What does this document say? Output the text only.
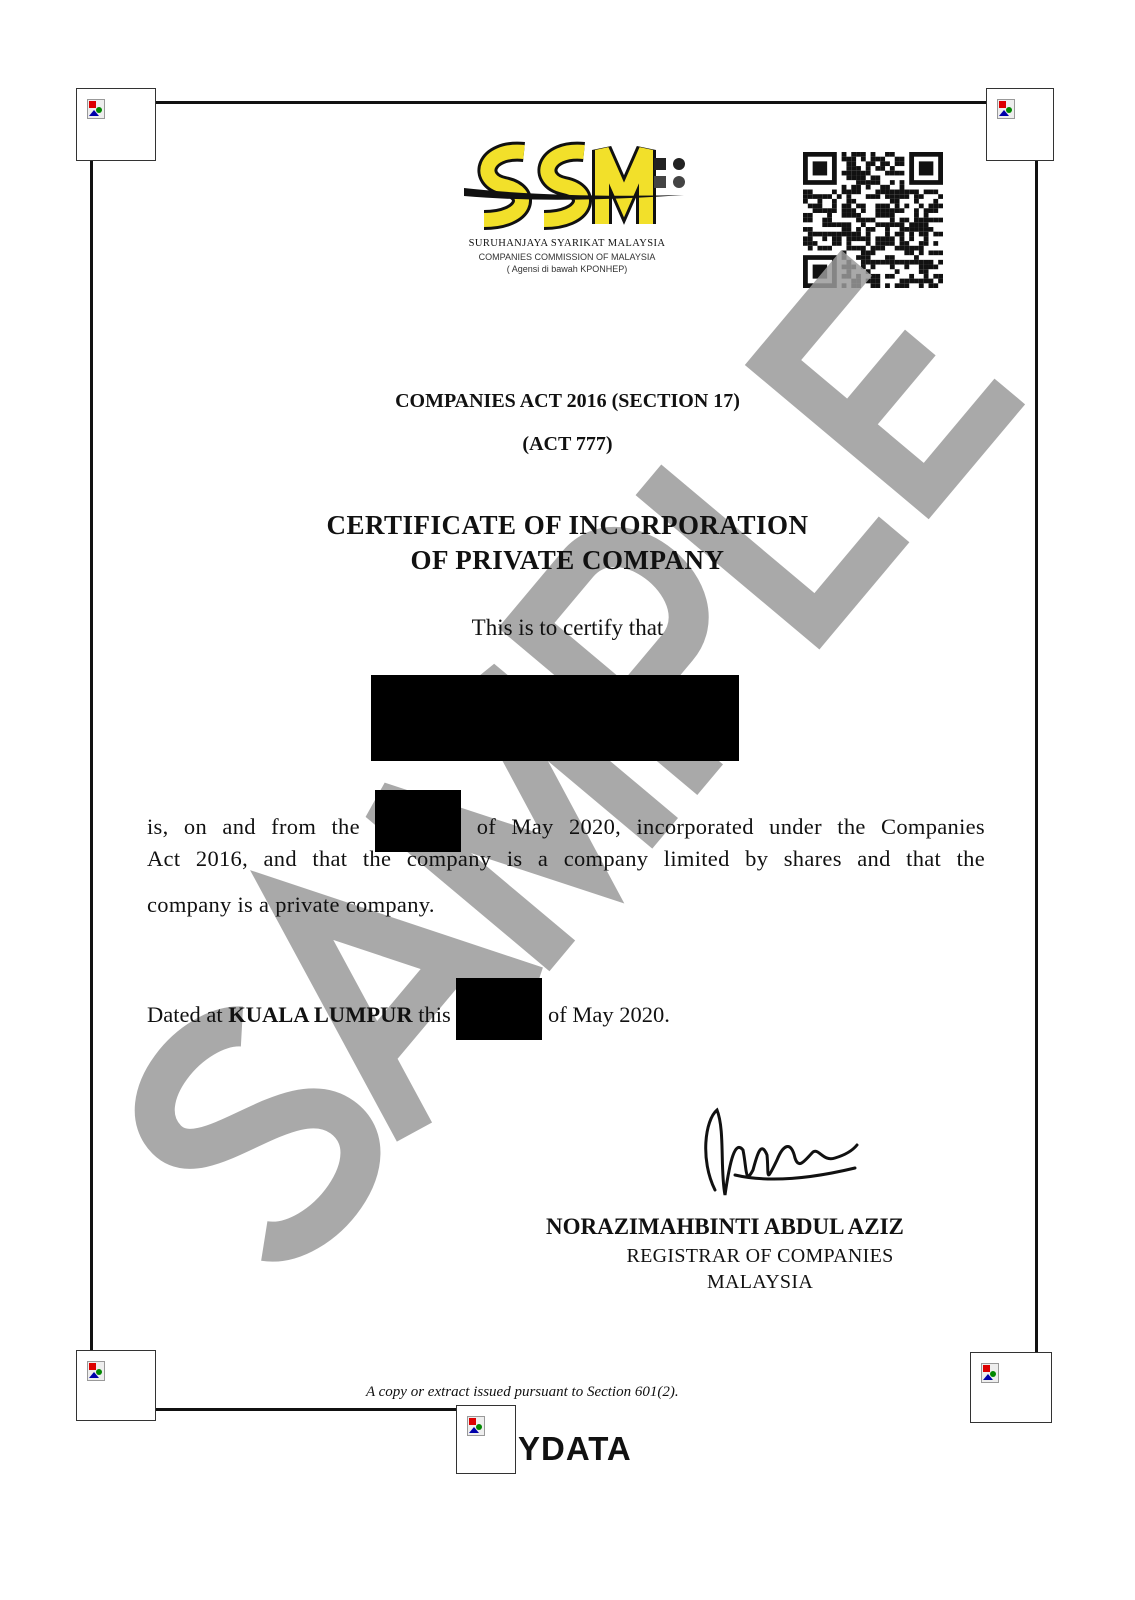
SURUHANJAYA SYARIKAT MALAYSIA
COMPANIES COMMISSION OF MALAYSIA
( Agensi di bawah KPONHEP)
COMPANIES ACT 2016 (SECTION 17)
(ACT 777)
CERTIFICATE OF INCORPORATION
OF PRIVATE COMPANY
This is to certify that
is, on and from the	of May 2020, incorporated under the Companies
Act 2016, and that the company is a company limited by shares and that the
company is a private company.
Dated at KUALA LUMPUR this	of May 2020.
NORAZIMAHBINTI ABDUL AZIZ
REGISTRAR OF COMPANIES
MALAYSIA
A copy or extract issued pursuant to Section 601(2).
YDATA
